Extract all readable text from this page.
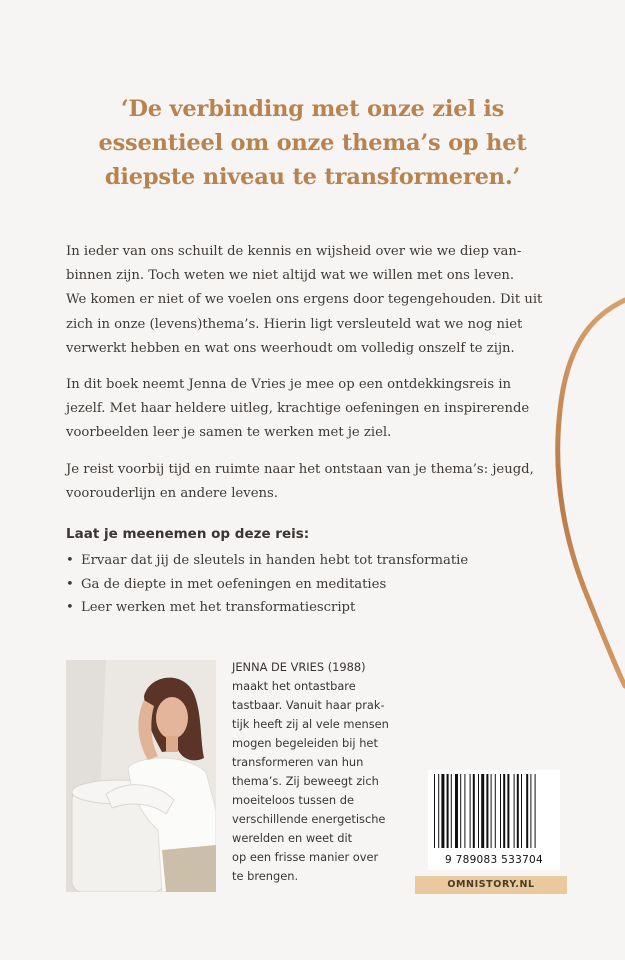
‘De verbinding met onze ziel is
essentieel om onze thema’s op het
diepste niveau te transformeren.’
In ieder van ons schuilt de kennis en wijsheid over wie we diep van-
binnen zijn. Toch weten we niet altijd wat we willen met ons leven.
We komen er niet of we voelen ons ergens door tegengehouden. Dit uit
zich in onze (levens)thema’s. Hierin ligt versleuteld wat we nog niet
verwerkt hebben en wat ons weerhoudt om volledig onszelf te zijn.
In dit boek neemt Jenna de Vries je mee op een ontdekkingsreis in
jezelf. Met haar heldere uitleg, krachtige oefeningen en inspirerende
voorbeelden leer je samen te werken met je ziel.
Je reist voorbij tijd en ruimte naar het ontstaan van je thema’s: jeugd,
voorouderlijn en andere levens.
Laat je meenemen op deze reis:
• Ervaar dat jij de sleutels in handen hebt tot transformatie
• Ga de diepte in met oefeningen en meditaties
• Leer werken met het transformatiescript
JENNA DE VRIES (1988)
maakt het ontastbare
tastbaar. Vanuit haar prak-
tijk heeft zij al vele mensen
mogen begeleiden bij het
transformeren van hun
thema’s. Zij beweegt zich
moeiteloos tussen de
verschillende energetische
werelden en weet dit
op een frisse manier over
te brengen.
9 789083 533704
OMNISTORY.NL
